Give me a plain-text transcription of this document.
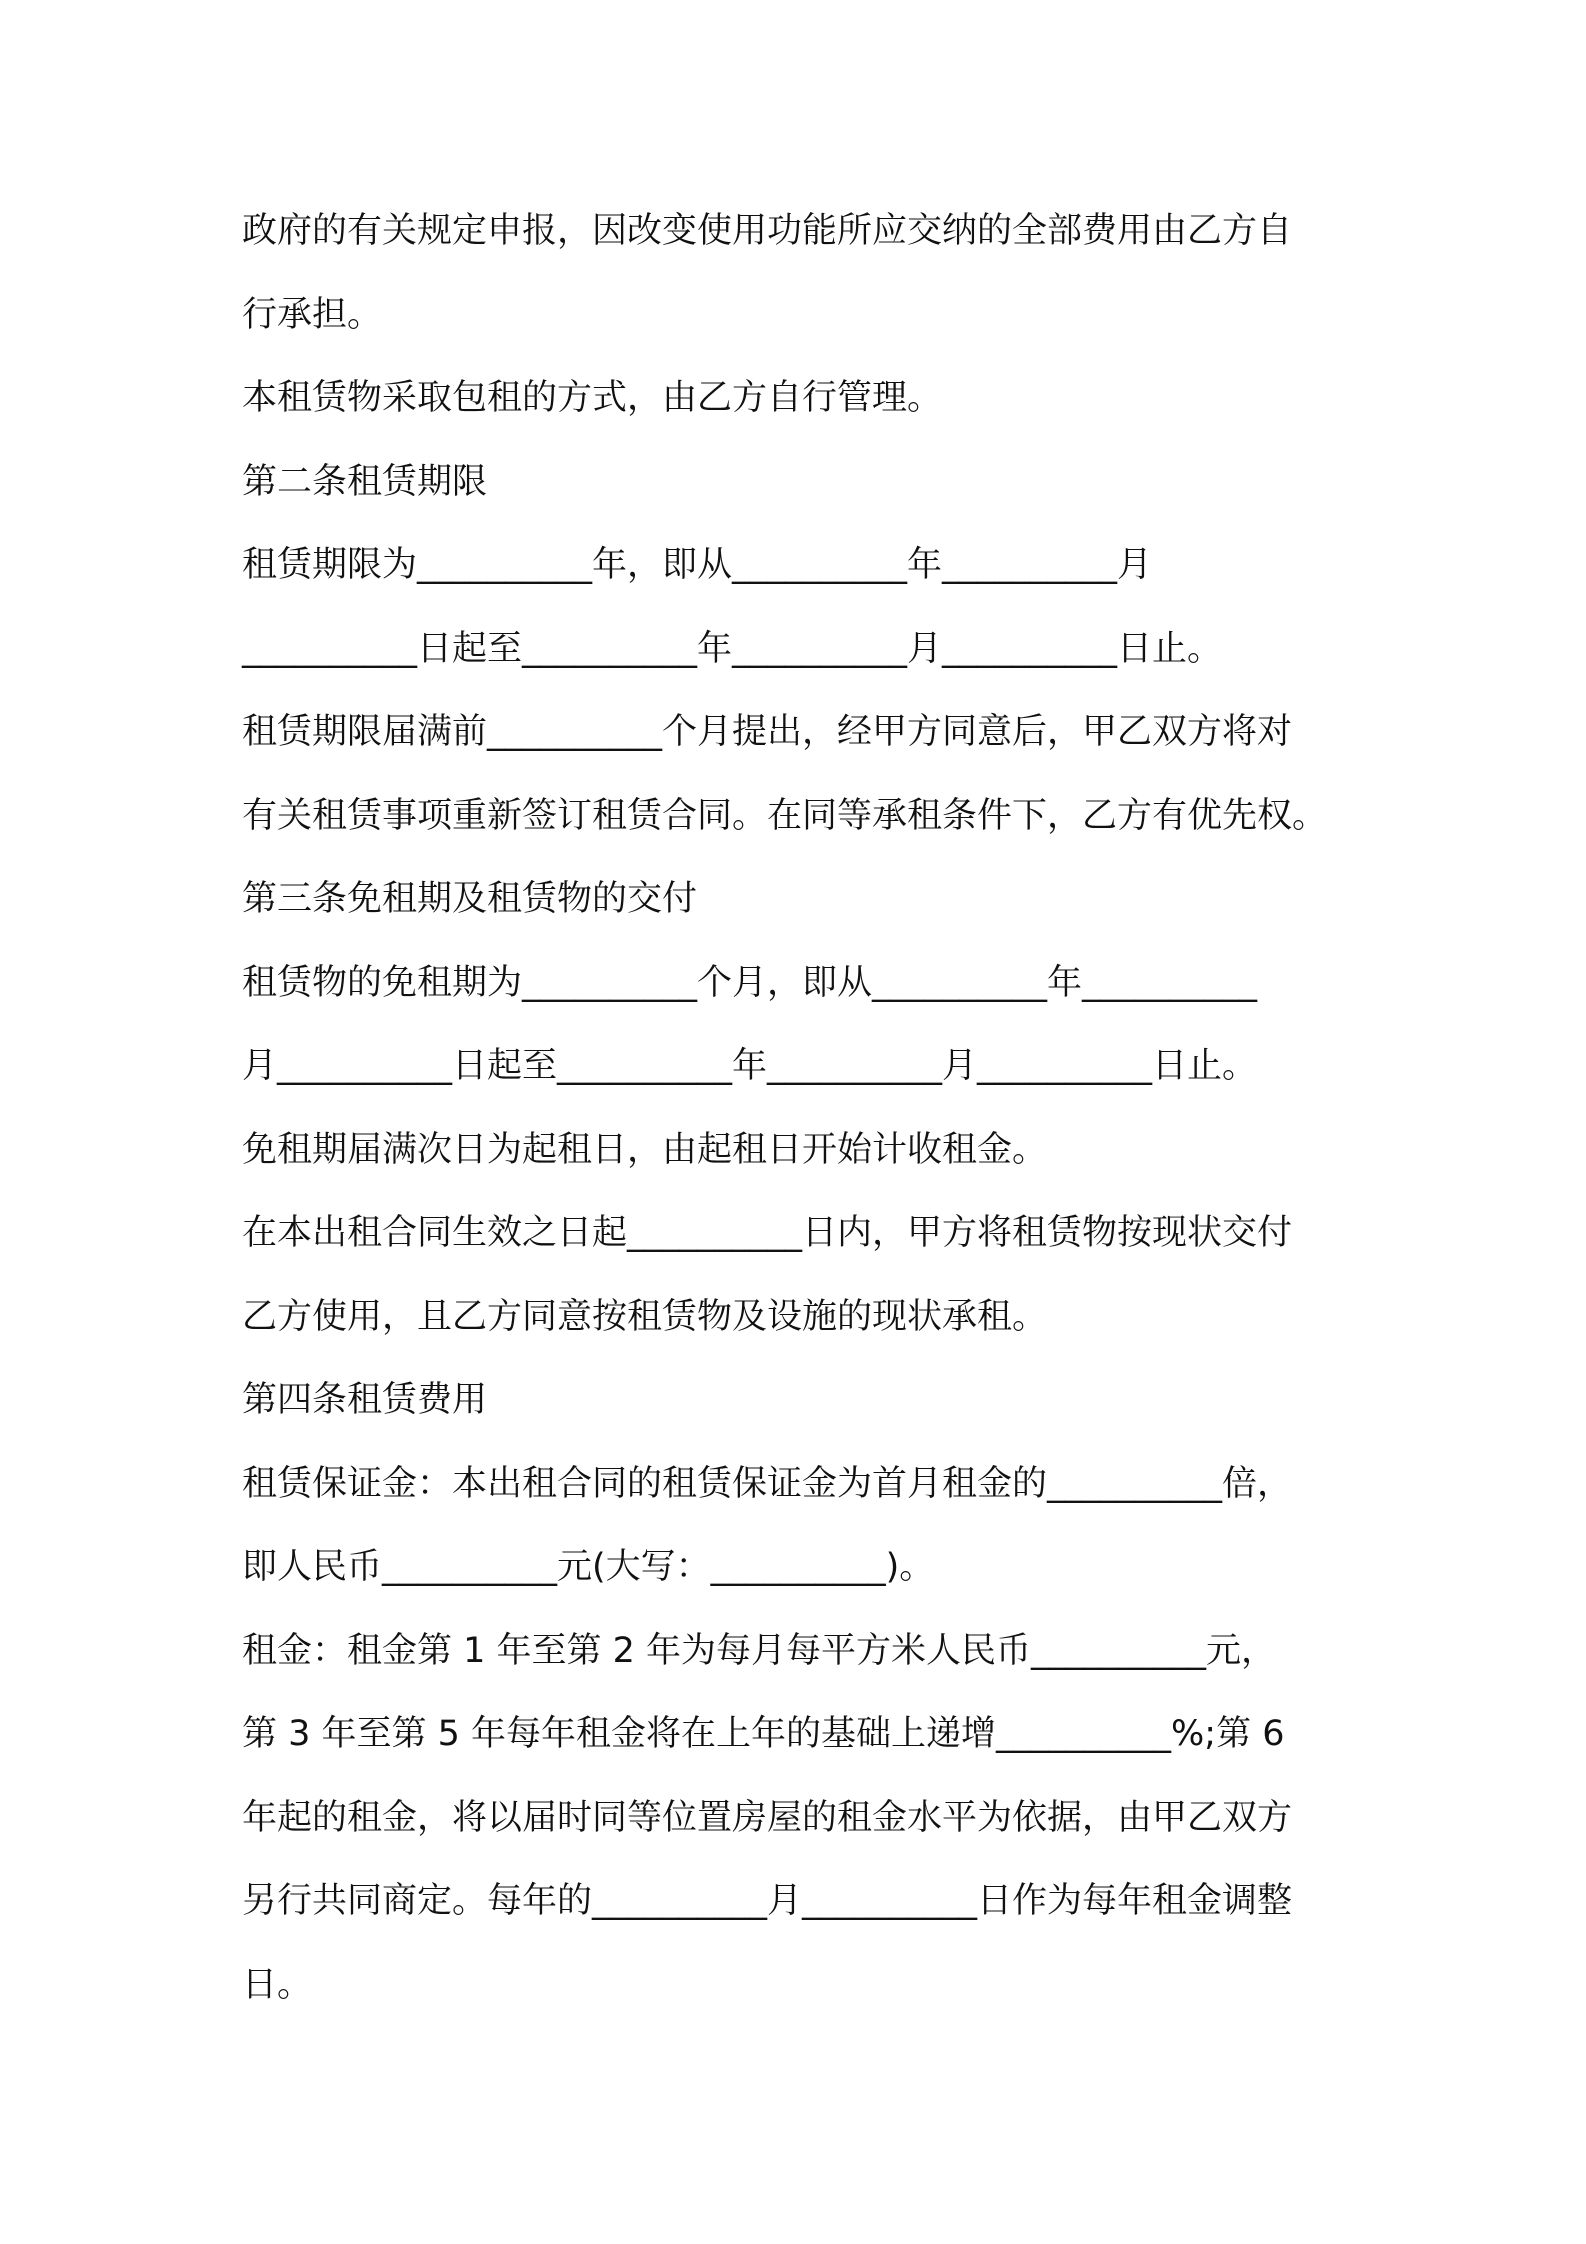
政府的有关规定申报，因改变使用功能所应交纳的全部费用由乙方自
行承担。
本租赁物采取包租的方式，由乙方自行管理。
第二条租赁期限
租赁期限为__________年，即从__________年__________月
__________日起至__________年__________月__________日止。
租赁期限届满前__________个月提出，经甲方同意后，甲乙双方将对
有关租赁事项重新签订租赁合同。在同等承租条件下，乙方有优先权。
第三条免租期及租赁物的交付
租赁物的免租期为__________个月，即从__________年__________
月__________日起至__________年__________月__________日止。
免租期届满次日为起租日，由起租日开始计收租金。
在本出租合同生效之日起__________日内，甲方将租赁物按现状交付
乙方使用，且乙方同意按租赁物及设施的现状承租。
第四条租赁费用
租赁保证金：本出租合同的租赁保证金为首月租金的__________倍，
即人民币__________元(大写：__________)。
租金：租金第 1 年至第 2 年为每月每平方米人民币__________元，
第 3 年至第 5 年每年租金将在上年的基础上递增__________%;第 6
年起的租金，将以届时同等位置房屋的租金水平为依据，由甲乙双方
另行共同商定。每年的__________月__________日作为每年租金调整
日。
